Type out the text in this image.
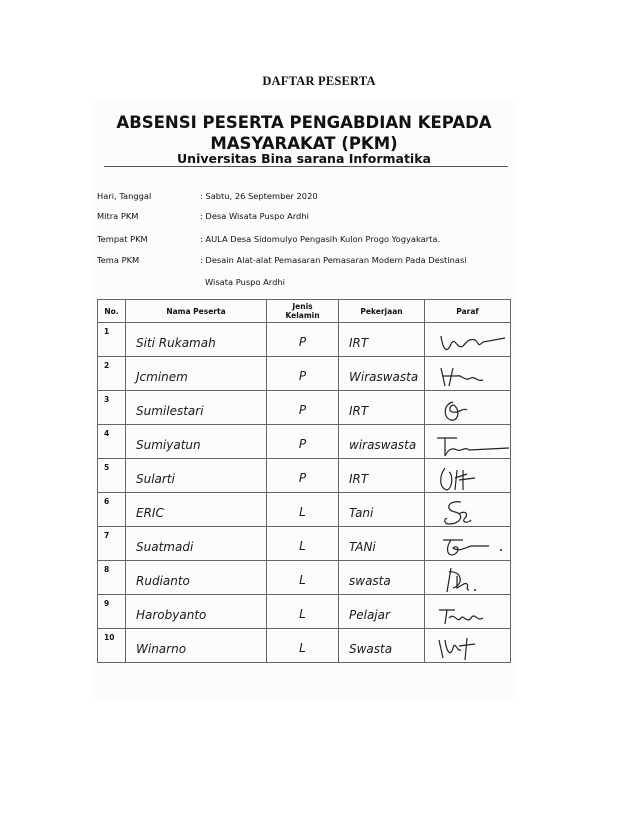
DAFTAR PESERTA
ABSENSI PESERTA PENGABDIAN KEPADA
MASYARAKAT (PKM)
Universitas Bina sarana Informatika
Hari, Tanggal	: Sabtu, 26 September 2020
Mitra PKM	: Desa Wisata Puspo Ardhi
Tempat PKM	: AULA Desa Sidomulyo Pengasih Kulon Progo Yogyakarta.
Tema PKM	: Desain Alat-alat Pemasaran Pemasaran Modern Pada Destinasi
Wisata Puspo Ardhi
No.	Nama Peserta	Jenis Kelamin	Pekerjaan	Paraf

1	Siti Rukamah	P	IRT

2	Jcminem	P	Wiraswasta

3	Sumilestari	P	IRT

4	Sumiyatun	P	wiraswasta

5	Sularti	P	IRT

6	ERIC	L	Tani

7	Suatmadi	L	TANi

8	Rudianto	L	swasta

9	Harobyanto	L	Pelajar

10	Winarno	L	Swasta
